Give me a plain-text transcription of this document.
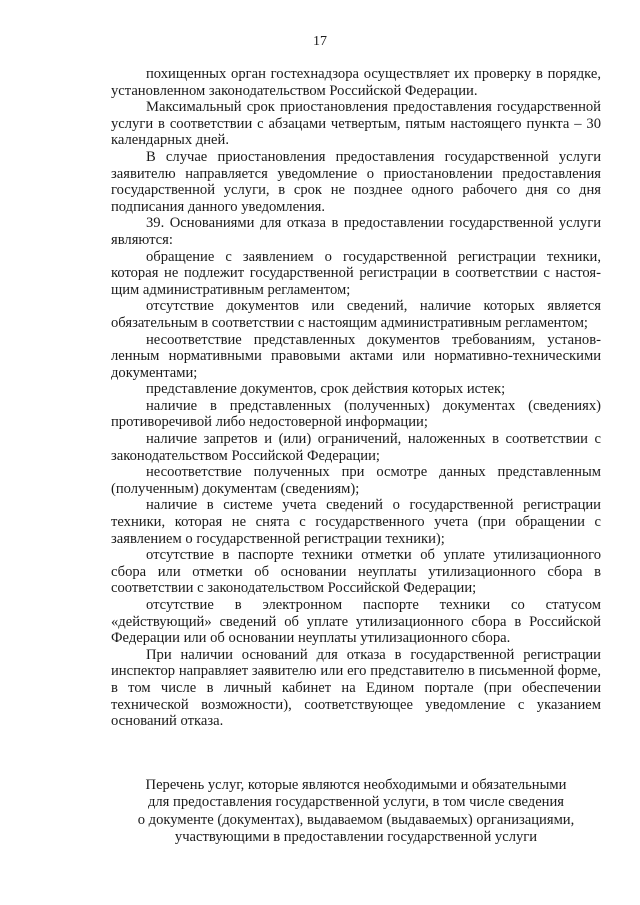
17

похищенных орган гостехнадзора осуществляет их проверку в порядке, установленном законодательством Российской Федерации.

Максимальный срок приостановления предоставления государственной услуги в соответствии с абзацами четвертым, пятым настоящего пункта – 30 календарных дней.

В случае приостановления предоставления государственной услуги заявителю направляется уведомление о приостановлении предоставления государственной услуги, в срок не позднее одного рабочего дня со дня подписания данного уведомления.

39. Основаниями для отказа в предоставлении государственной услуги являются:

обращение с заявлением о государственной регистрации техники, которая не подлежит государственной регистрации в соответствии с настоящим административным регламентом;

отсутствие документов или сведений, наличие которых является обязательным в соответствии с настоящим административным регламентом;

несоответствие представленных документов требованиям, установленным нормативными правовыми актами или нормативно-техническими документами;

представление документов, срок действия которых истек;

наличие в представленных (полученных) документах (сведениях) противоречивой либо недостоверной информации;

наличие запретов и (или) ограничений, наложенных в соответствии с законодательством Российской Федерации;

несоответствие полученных при осмотре данных представленным (полученным) документам (сведениям);

наличие в системе учета сведений о государственной регистрации техники, которая не снята с государственного учета (при обращении с заявлением о государственной регистрации техники);

отсутствие в паспорте техники отметки об уплате утилизационного сбора или отметки об основании неуплаты утилизационного сбора в соответствии с законодательством Российской Федерации;

отсутствие в электронном паспорте техники со статусом «действующий» сведений об уплате утилизационного сбора в Российской Федерации или об основании неуплаты утилизационного сбора.

При наличии оснований для отказа в государственной регистрации инспектор направляет заявителю или его представителю в письменной форме, в том числе в личный кабинет на Едином портале (при обеспечении технической возможности), соответствующее уведомление с указанием оснований отказа.

Перечень услуг, которые являются необходимыми и обязательными
для предоставления государственной услуги, в том числе сведения
о документе (документах), выдаваемом (выдаваемых) организациями,
участвующими в предоставлении государственной услуги
